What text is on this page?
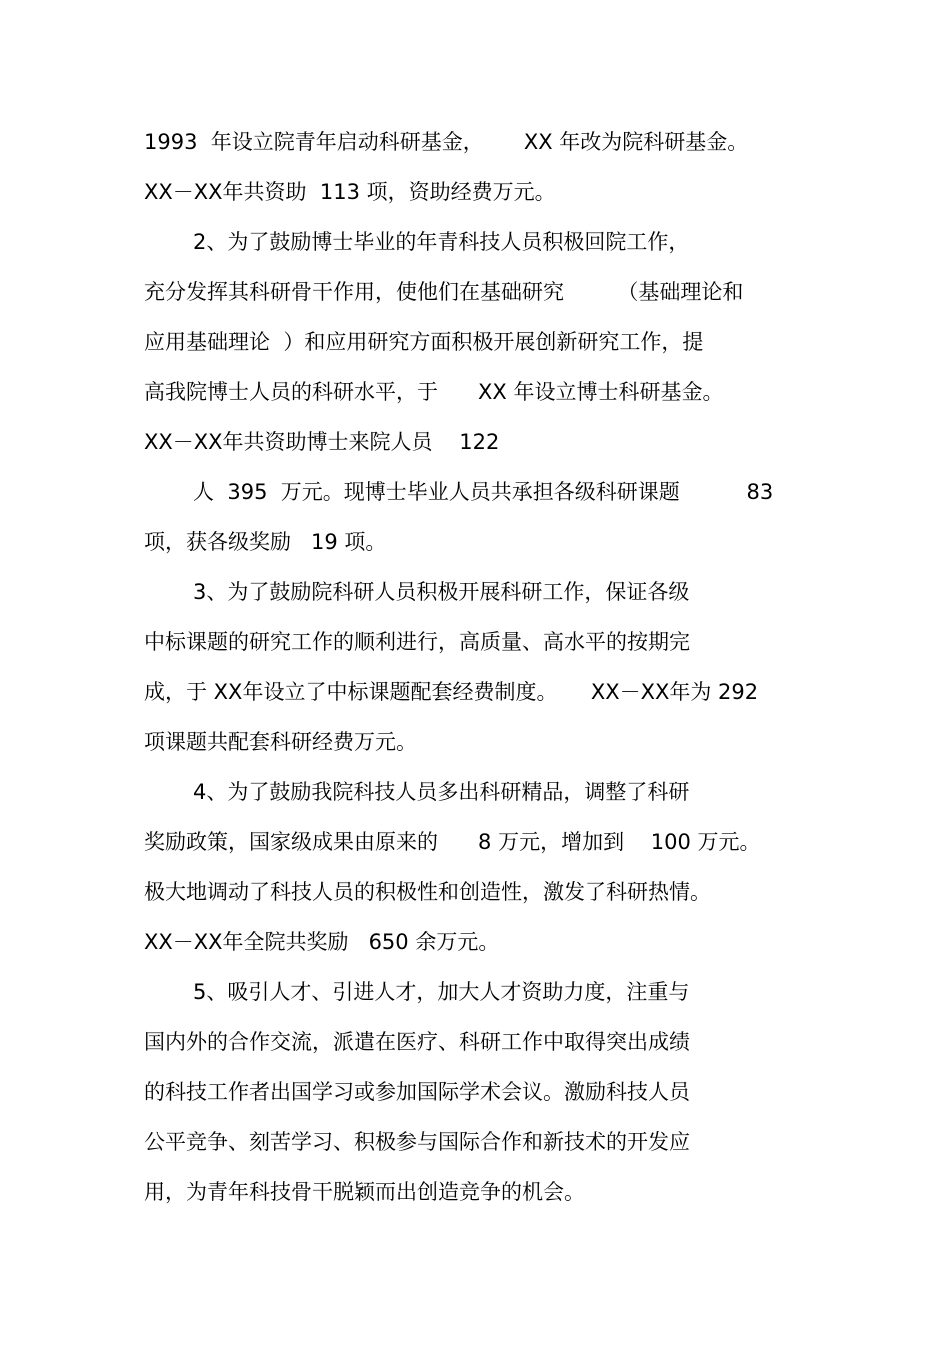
1993  年设立院青年启动科研基金，      XX 年改为院科研基金。

XX－XX年共资助  113 项，资助经费万元。

2、为了鼓励博士毕业的年青科技人员积极回院工作，

充分发挥其科研骨干作用，使他们在基础研究        （基础理论和

应用基础理论  ）和应用研究方面积极开展创新研究工作，提

高我院博士人员的科研水平，于      XX 年设立博士科研基金。

XX－XX年共资助博士来院人员    122

人  395  万元。现博士毕业人员共承担各级科研课题          83

项，获各级奖励   19 项。

3、为了鼓励院科研人员积极开展科研工作，保证各级

中标课题的研究工作的顺利进行，高质量、高水平的按期完

成，于 XX年设立了中标课题配套经费制度。     XX－XX年为 292

项课题共配套科研经费万元。

4、为了鼓励我院科技人员多出科研精品，调整了科研

奖励政策，国家级成果由原来的      8 万元，增加到    100 万元。

极大地调动了科技人员的积极性和创造性，激发了科研热情。

XX－XX年全院共奖励   650 余万元。

5、吸引人才、引进人才，加大人才资助力度，注重与

国内外的合作交流，派遣在医疗、科研工作中取得突出成绩

的科技工作者出国学习或参加国际学术会议。激励科技人员

公平竞争、刻苦学习、积极参与国际合作和新技术的开发应

用，为青年科技骨干脱颖而出创造竞争的机会。
